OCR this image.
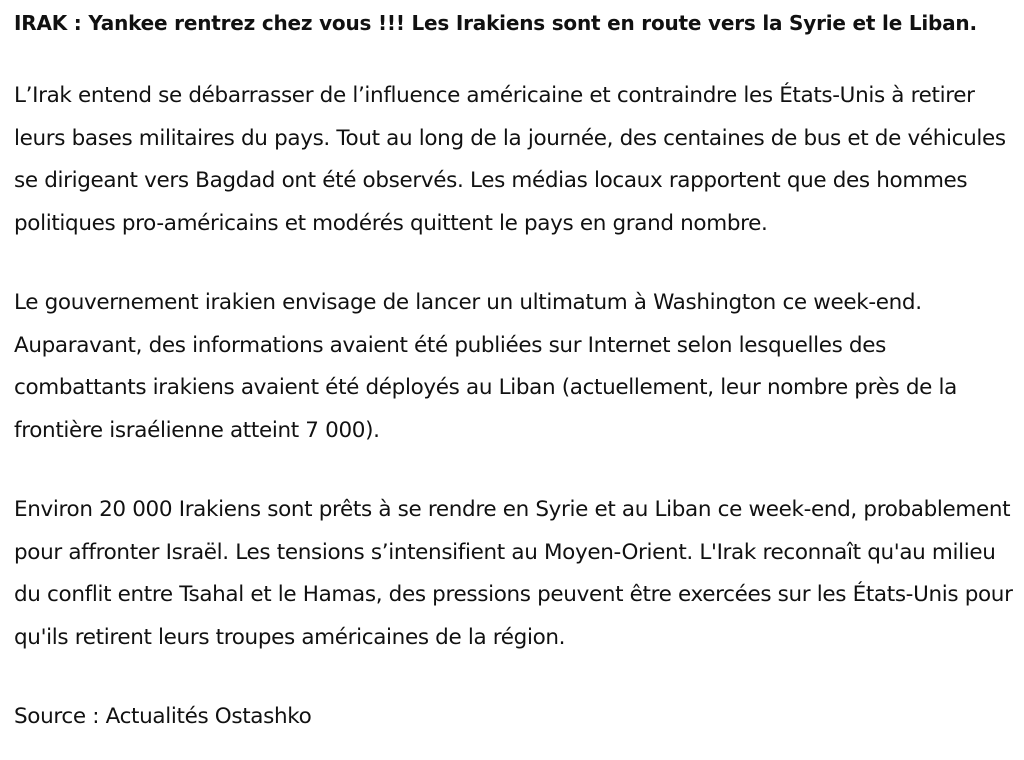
IRAK : Yankee rentrez chez vous !!! Les Irakiens sont en route vers la Syrie et le Liban.

L’Irak entend se débarrasser de l’influence américaine et contraindre les États-Unis à retirer leurs bases militaires du pays. Tout au long de la journée, des centaines de bus et de véhicules se dirigeant vers Bagdad ont été observés. Les médias locaux rapportent que des hommes politiques pro-américains et modérés quittent le pays en grand nombre.

Le gouvernement irakien envisage de lancer un ultimatum à Washington ce week-end. Auparavant, des informations avaient été publiées sur Internet selon lesquelles des combattants irakiens avaient été déployés au Liban (actuellement, leur nombre près de la frontière israélienne atteint 7 000).

Environ 20 000 Irakiens sont prêts à se rendre en Syrie et au Liban ce week-end, probablement pour affronter Israël. Les tensions s’intensifient au Moyen-Orient. L'Irak reconnaît qu'au milieu du conflit entre Tsahal et le Hamas, des pressions peuvent être exercées sur les États-Unis pour qu'ils retirent leurs troupes américaines de la région.

Source : Actualités Ostashko
